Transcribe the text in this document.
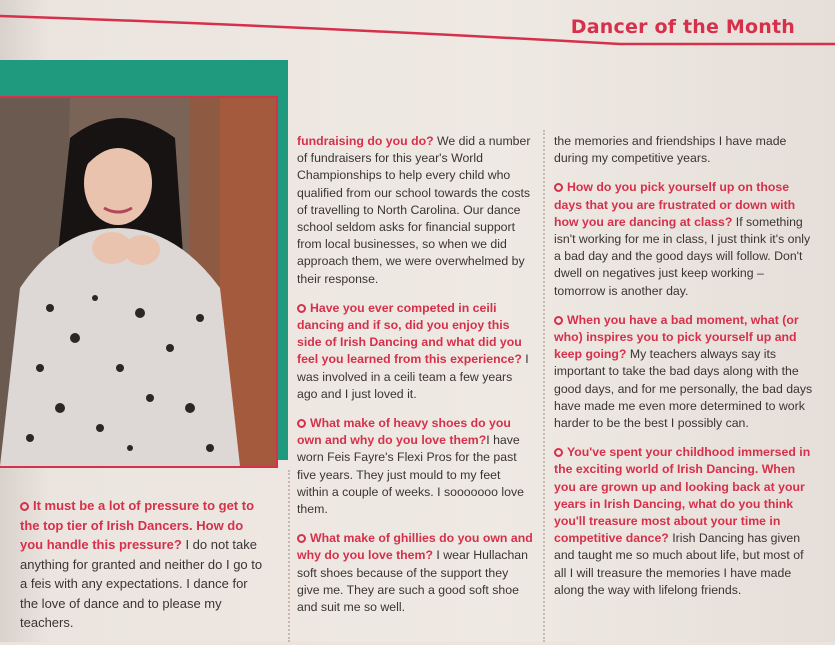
Dancer of the Month

It must be a lot of pressure to get to the top tier of Irish Dancers. How do you handle this pressure? I do not take anything for granted and neither do I go to a feis with any expectations. I dance for the love of dance and to please my teachers.

fundraising do you do? We did a number of fundraisers for this year's World Championships to help every child who qualified from our school towards the costs of travelling to North Carolina. Our dance school seldom asks for financial support from local businesses, so when we did approach them, we were overwhelmed by their response.

Have you ever competed in ceili dancing and if so, did you enjoy this side of Irish Dancing and what did you feel you learned from this experience? I was involved in a ceili team a few years ago and I just loved it.

What make of heavy shoes do you own and why do you love them?I have worn Feis Fayre's Flexi Pros for the past five years. They just mould to my feet within a couple of weeks. I sooooooo love them.

What make of ghillies do you own and why do you love them? I wear Hullachan soft shoes because of the support they give me. They are such a good soft shoe and suit me so well.

the memories and friendships I have made during my competitive years.

How do you pick yourself up on those days that you are frustrated or down with how you are dancing at class? If something isn't working for me in class, I just think it's only a bad day and the good days will follow. Don't dwell on negatives just keep working – tomorrow is another day.

When you have a bad moment, what (or who) inspires you to pick yourself up and keep going? My teachers always say its important to take the bad days along with the good days, and for me personally, the bad days have made me even more determined to work harder to be the best I possibly can.

You've spent your childhood immersed in the exciting world of Irish Dancing. When you are grown up and looking back at your years in Irish Dancing, what do you think you'll treasure most about your time in competitive dance? Irish Dancing has given and taught me so much about life, but most of all I will treasure the memories I have made along the way with lifelong friends.
